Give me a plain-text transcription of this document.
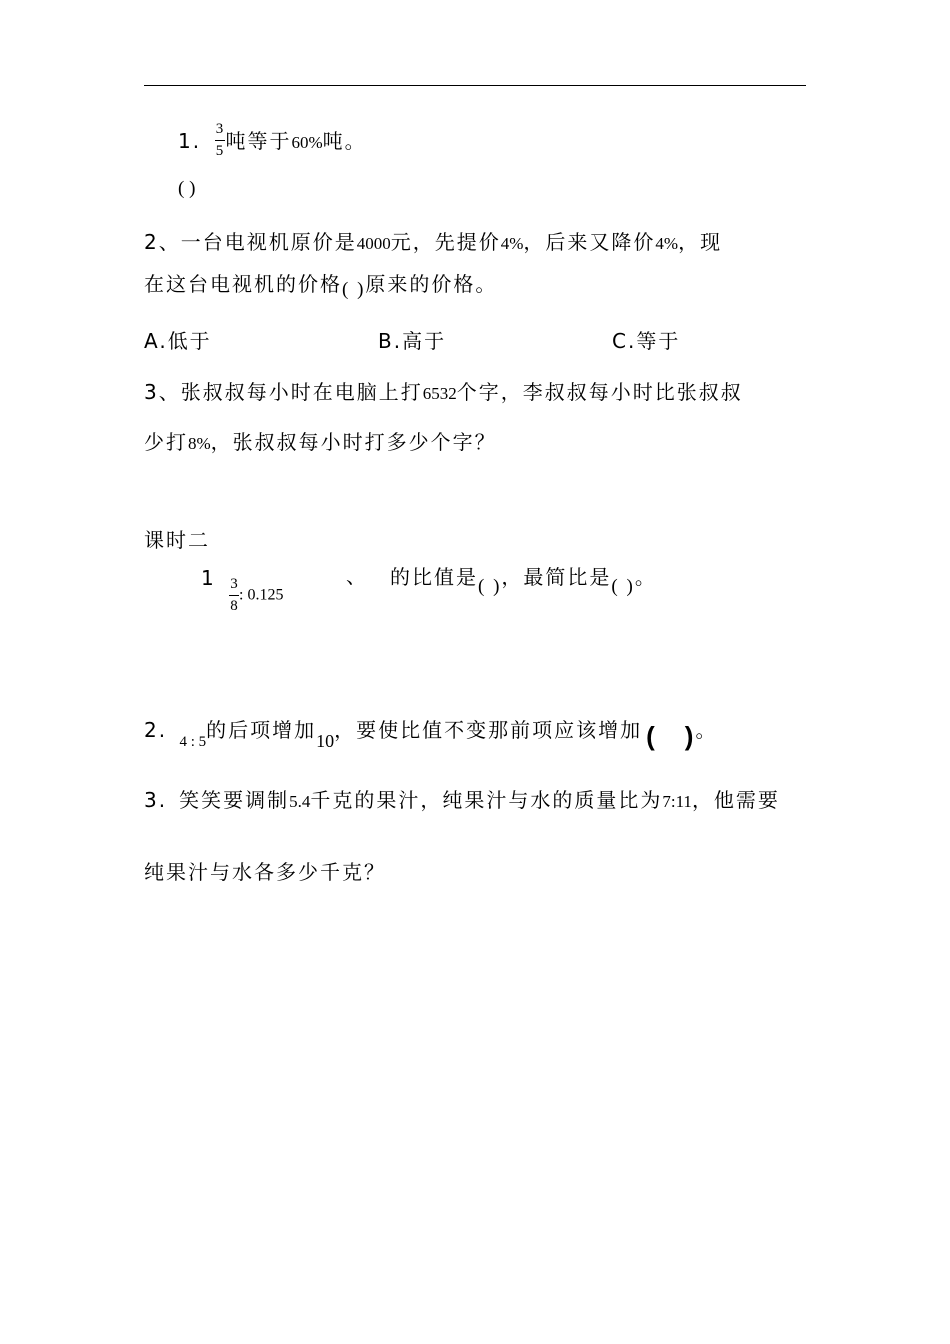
1. $\frac{3}{5}$ 吨等于60%吨。
( )
2、一台电视机原价是4000元，先提价4%，后来又降价4%，现
在这台电视机的价格( )原来的价格。
A.低于	B.高于	C.等于
3、张叔叔每小时在电脑上打6532个字，李叔叔每小时比张叔叔
少打8%，张叔叔每小时打多少个字？
课时二
$1 \frac{3}{8}$ : 0.125
、 的比值是( )，最简比是( )。
2. $_{4 : 5}$的后项增加10，要使比值不变那前项应该增加 (　)。
3. 笑笑要调制5.4千克的果汁，纯果汁与水的质量比为7:11，他需要
纯果汁与水各多少千克？
